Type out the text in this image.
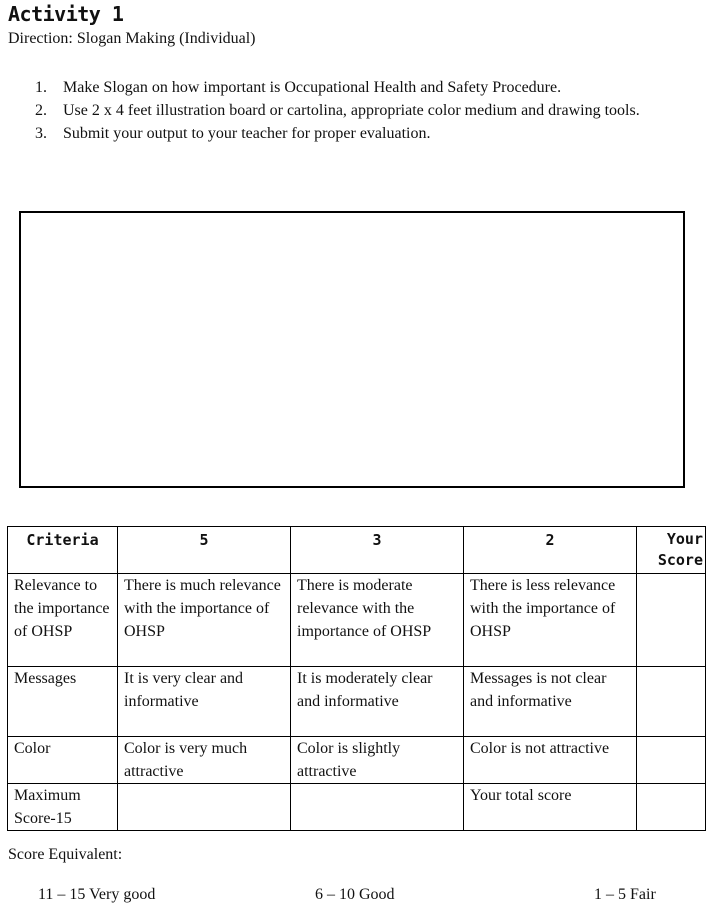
Activity 1
Direction: Slogan Making (Individual)
1. Make Slogan on how important is Occupational Health and Safety Procedure.
2. Use 2 x 4 feet illustration board or cartolina, appropriate color medium and drawing tools.
3. Submit your output to your teacher for proper evaluation.
Criteria	5	3	2	Your Score

Relevance to the importance of OHSP	There is much relevance with the importance of OHSP	There is moderate relevance with the importance of OHSP	There is less relevance with the importance of OHSP	
Messages	It is very clear and informative	It is moderately clear and informative	Messages is not clear and informative	
Color	Color is very much attractive	Color is slightly attractive	Color is not attractive	
Maximum Score-15			Your total score	
Score Equivalent:
11 – 15 Very good	6 – 10 Good	1 – 5 Fair
